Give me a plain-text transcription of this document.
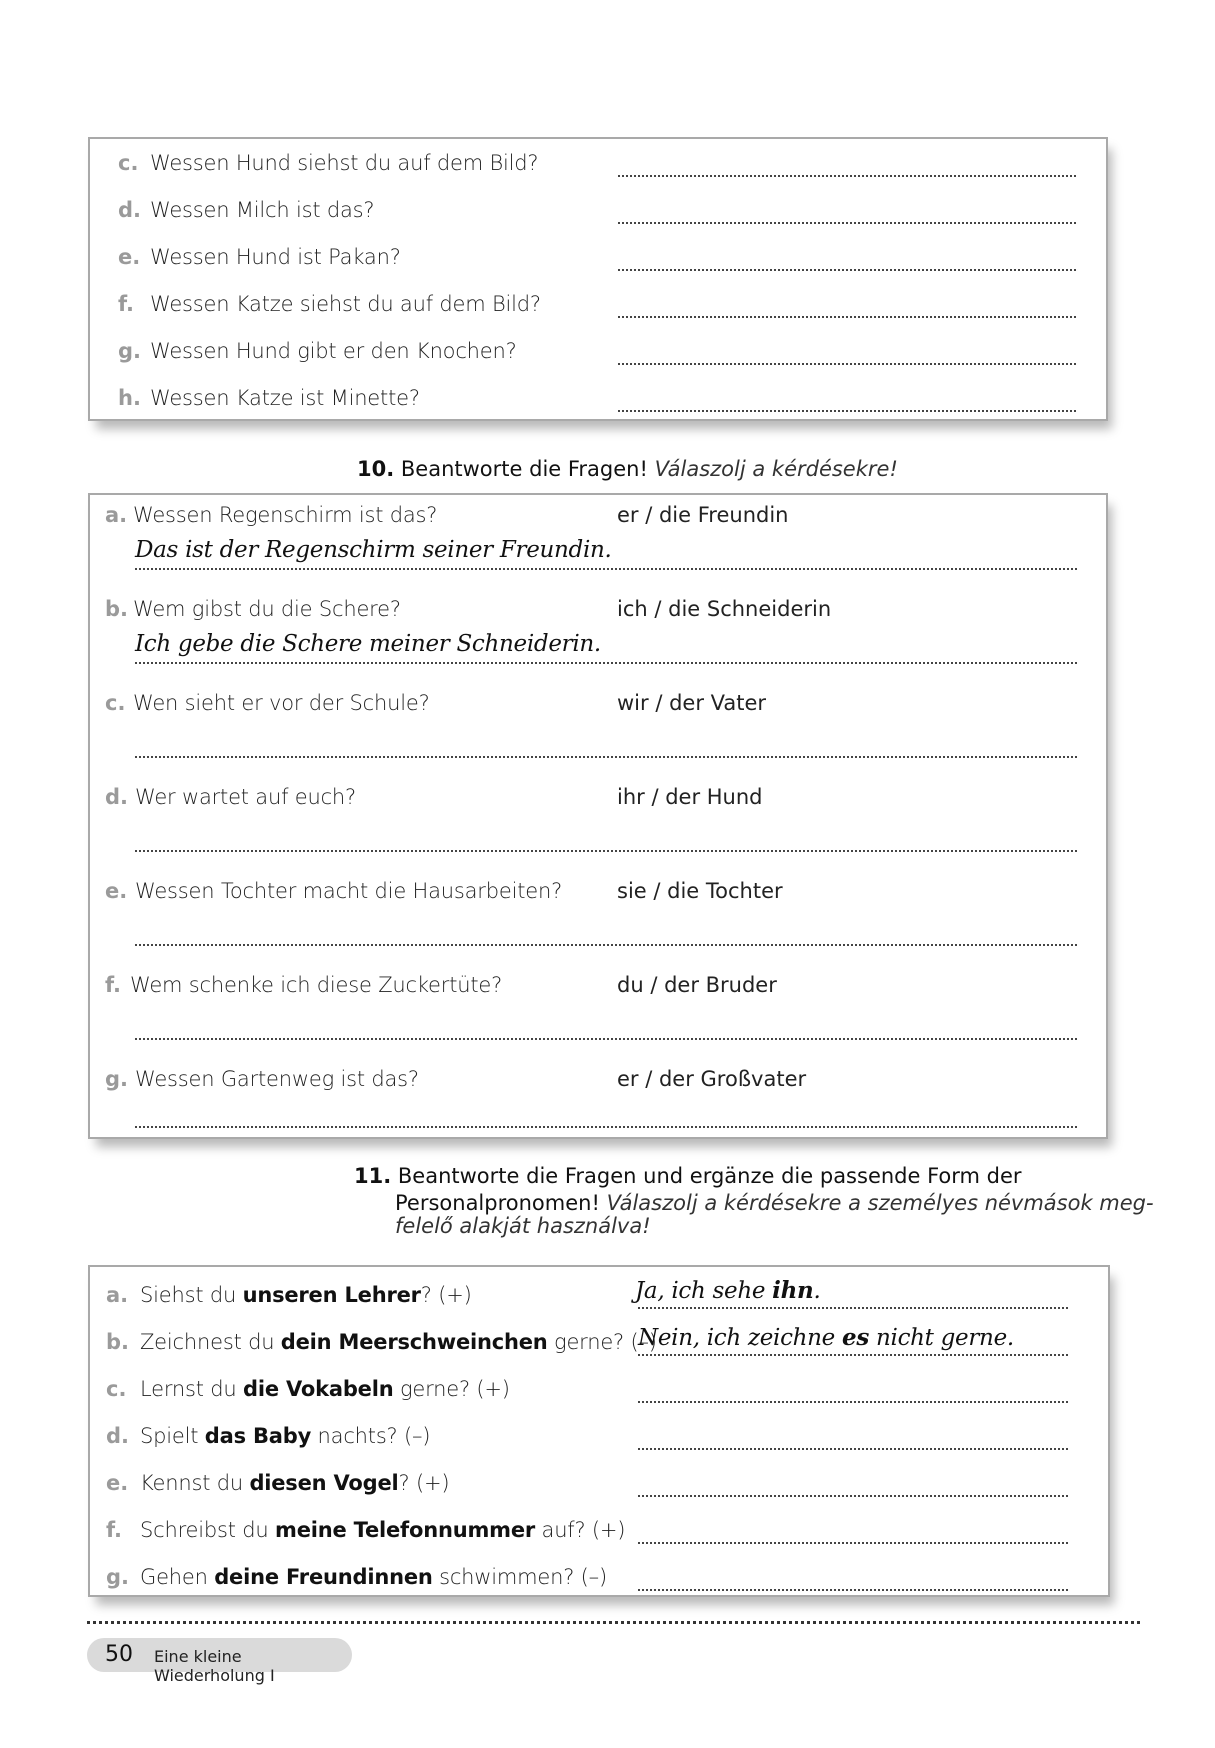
c. Wessen Hund siehst du auf dem Bild?
d. Wessen Milch ist das?
e. Wessen Hund ist Pakan?
f. Wessen Katze siehst du auf dem Bild?
g. Wessen Hund gibt er den Knochen?
h. Wessen Katze ist Minette?
10. Beantworte die Fragen! Válaszolj a kérdésekre!
a. Wessen Regenschirm ist das?	er / die Freundin
Das ist der Regenschirm seiner Freundin.
b. Wem gibst du die Schere?	ich / die Schneiderin
Ich gebe die Schere meiner Schneiderin.
c. Wen sieht er vor der Schule?	wir / der Vater
d. Wer wartet auf euch?	ihr / der Hund
e. Wessen Tochter macht die Hausarbeiten?	sie / die Tochter
f. Wem schenke ich diese Zuckertüte?	du / der Bruder
g. Wessen Gartenweg ist das?	er / der Großvater
11. Beantworte die Fragen und ergänze die passende Form der
Personalpronomen! Válaszolj a kérdésekre a személyes névmások meg-
felelő alakját használva!
a. Siehst du unseren Lehrer? (+)	Ja, ich sehe ihn.
b. Zeichnest du dein Meerschweinchen gerne? (–)
Nein, ich zeichne es nicht gerne.
c. Lernst du die Vokabeln gerne? (+)
d. Spielt das Baby nachts? (–)
e. Kennst du diesen Vogel? (+)
f. Schreibst du meine Telefonnummer auf? (+)
g. Gehen deine Freundinnen schwimmen? (–)
50 Eine kleine Wiederholung I
